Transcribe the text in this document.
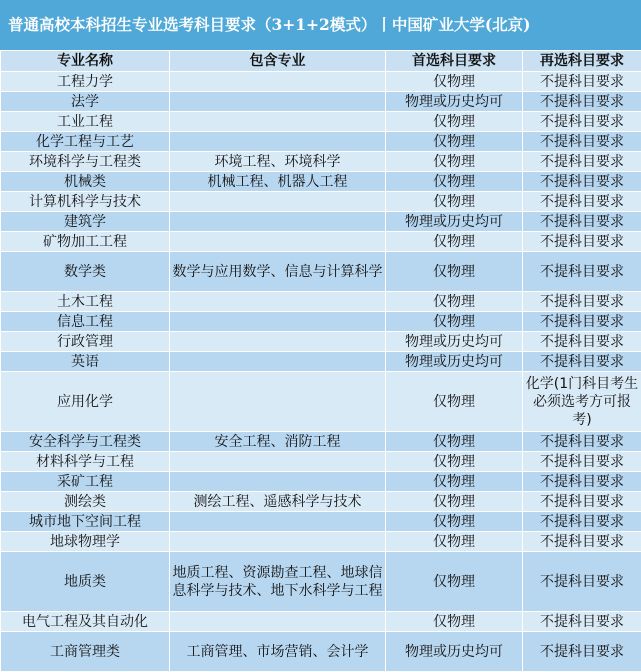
普通高校本科招生专业选考科目要求（3+1+2模式）丨中国矿业大学(北京)
专业名称	包含专业	首选科目要求	再选科目要求
工程力学		仅物理	不提科目要求
法学		物理或历史均可	不提科目要求
工业工程		仅物理	不提科目要求
化学工程与工艺		仅物理	不提科目要求
环境科学与工程类	环境工程、环境科学	仅物理	不提科目要求
机械类	机械工程、机器人工程	仅物理	不提科目要求
计算机科学与技术		仅物理	不提科目要求
建筑学		物理或历史均可	不提科目要求
矿物加工工程		仅物理	不提科目要求
数学类	数学与应用数学、信息与计算科学	仅物理	不提科目要求
土木工程		仅物理	不提科目要求
信息工程		仅物理	不提科目要求
行政管理		物理或历史均可	不提科目要求
英语		物理或历史均可	不提科目要求
应用化学		仅物理	化学(1门科目考生必须选考方可报考)
安全科学与工程类	安全工程、消防工程	仅物理	不提科目要求
材料科学与工程		仅物理	不提科目要求
采矿工程		仅物理	不提科目要求
测绘类	测绘工程、遥感科学与技术	仅物理	不提科目要求
城市地下空间工程		仅物理	不提科目要求
地球物理学		仅物理	不提科目要求
地质类	地质工程、资源勘查工程、地球信息科学与技术、地下水科学与工程	仅物理	不提科目要求
电气工程及其自动化		仅物理	不提科目要求
工商管理类	工商管理、市场营销、会计学	物理或历史均可	不提科目要求
